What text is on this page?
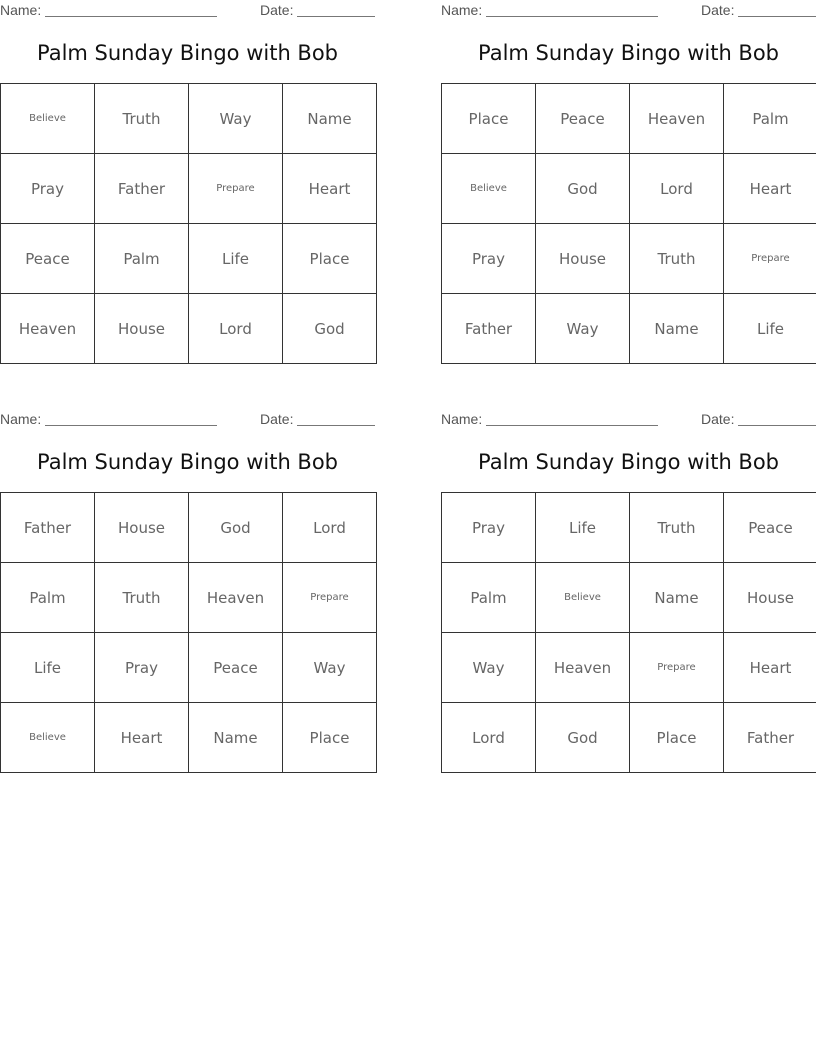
Name:	Date:
Palm Sunday Bingo with Bob
Believe	Truth	Way	Name
Pray	Father	Prepare	Heart
Peace	Palm	Life	Place
Heaven	House	Lord	God
Name:	Date:
Palm Sunday Bingo with Bob
Place	Peace	Heaven	Palm
Believe	God	Lord	Heart
Pray	House	Truth	Prepare
Father	Way	Name	Life
Name:	Date:
Palm Sunday Bingo with Bob
Father	House	God	Lord
Palm	Truth	Heaven	Prepare
Life	Pray	Peace	Way
Believe	Heart	Name	Place
Name:	Date:
Palm Sunday Bingo with Bob
Pray	Life	Truth	Peace
Palm	Believe	Name	House
Way	Heaven	Prepare	Heart
Lord	God	Place	Father
